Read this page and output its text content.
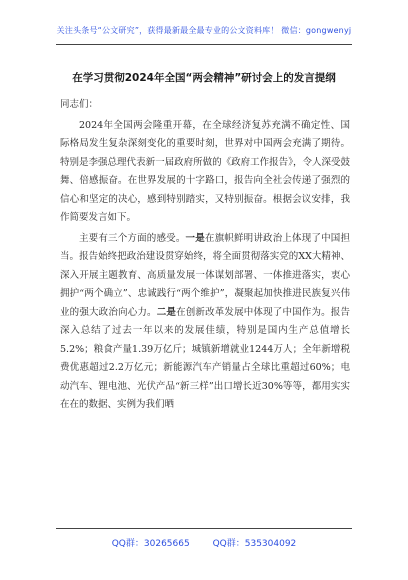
关注头条号“公文研究”，获得最新最全最专业的公文资料库！ 微信：gongwenyj
在学习贯彻2024年全国“两会精神”研讨会上的发言提纲

同志们：

2024年全国两会隆重开幕，在全球经济复苏充满不确定性、国际格局发生复杂深刻变化的重要时刻，世界对中国两会充满了期待。特别是李强总理代表新一届政府所做的《政府工作报告》，令人深受鼓舞、倍感振奋。在世界发展的十字路口，报告向全社会传递了强烈的信心和坚定的决心，感到特别踏实，又特别振奋。根据会议安排，我作简要发言如下。

主要有三个方面的感受。一是在旗帜鲜明讲政治上体现了中国担当。报告始终把政治建设贯穿始终，将全面贯彻落实党的XX大精神、深入开展主题教育、高质量发展一体谋划部署、一体推进落实，衷心拥护“两个确立”、忠诚践行“两个维护”，凝聚起加快推进民族复兴伟业的强大政治向心力。二是在创新改革发展中体现了中国作为。报告深入总结了过去一年以来的发展佳绩，特别是国内生产总值增长5.2%；粮食产量1.39万亿斤；城镇新增就业1244万人；全年新增税费优惠超过2.2万亿元；新能源汽车产销量占全球比重超过60%；电动汽车、锂电池、光伏产品“新三样”出口增长近30%等等，都用实实在在的数据、实例为我们晒

QQ群：30265665	QQ群：535304092
